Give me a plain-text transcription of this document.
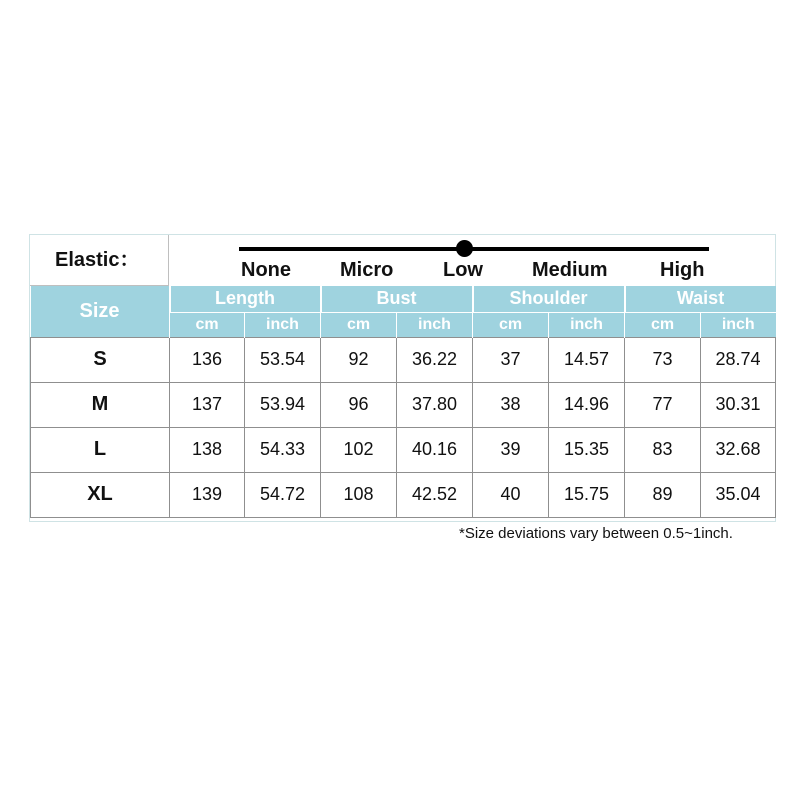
Elastic：	None Micro Low Medium	High
Size	Length		Bust		Shoulder		Waist	
	cm	inch	cm	inch	cm	inch	cm	inch
S	136	53.54	92	36.22	37	14.57	73	28.74
M	137	53.94	96	37.80	38	14.96	77	30.31
L	138	54.33	102	40.16	39	15.35	83	32.68
XL	139	54.72	108	42.52	40	15.75	89	35.04
*Size deviations vary between 0.5~1inch.
